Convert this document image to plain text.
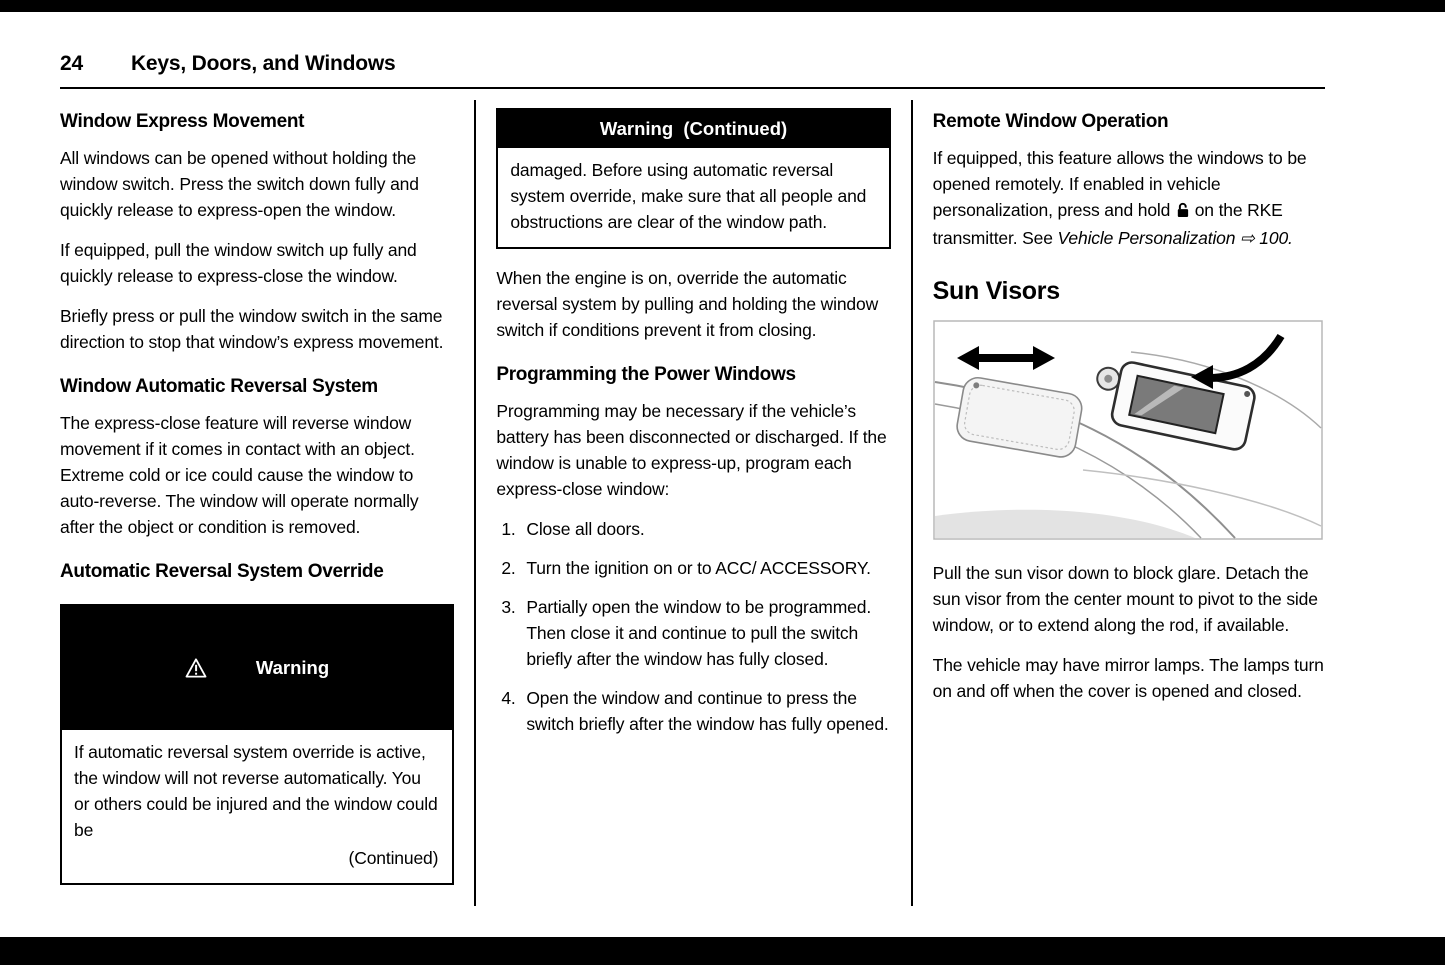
24 Keys, Doors, and Windows
Window Express Movement

All windows can be opened without holding the window switch. Press the switch down fully and quickly release to express-open the window.

If equipped, pull the window switch up fully and quickly release to express-close the window.

Briefly press or pull the window switch in the same direction to stop that window’s express movement.

Window Automatic Reversal System

The express-close feature will reverse window movement if it comes in contact with an object. Extreme cold or ice could cause the window to auto-reverse. The window will operate normally after the object or condition is removed.

Automatic Reversal System Override

Warning

If automatic reversal system override is active, the window will not reverse automatically. You or others could be injured and the window could be

(Continued)
Warning  (Continued)

damaged. Before using automatic reversal system override, make sure that all people and obstructions are clear of the window path.

When the engine is on, override the automatic reversal system by pulling and holding the window switch if conditions prevent it from closing.

Programming the Power Windows

Programming may be necessary if the vehicle’s battery has been disconnected or discharged. If the window is unable to express-up, program each express-close window:

1. Close all doors.
2. Turn the ignition on or to ACC/ ACCESSORY.
3. Partially open the window to be programmed. Then close it and continue to pull the switch briefly after the window has fully closed.
4. Open the window and continue to press the switch briefly after the window has fully opened.
Remote Window Operation

If equipped, this feature allows the windows to be opened remotely. If enabled in vehicle personalization, press and hold on the RKE transmitter. See Vehicle Personalization ⇨ 100.

Sun Visors

Pull the sun visor down to block glare. Detach the sun visor from the center mount to pivot to the side window, or to extend along the rod, if available.

The vehicle may have mirror lamps. The lamps turn on and off when the cover is opened and closed.
